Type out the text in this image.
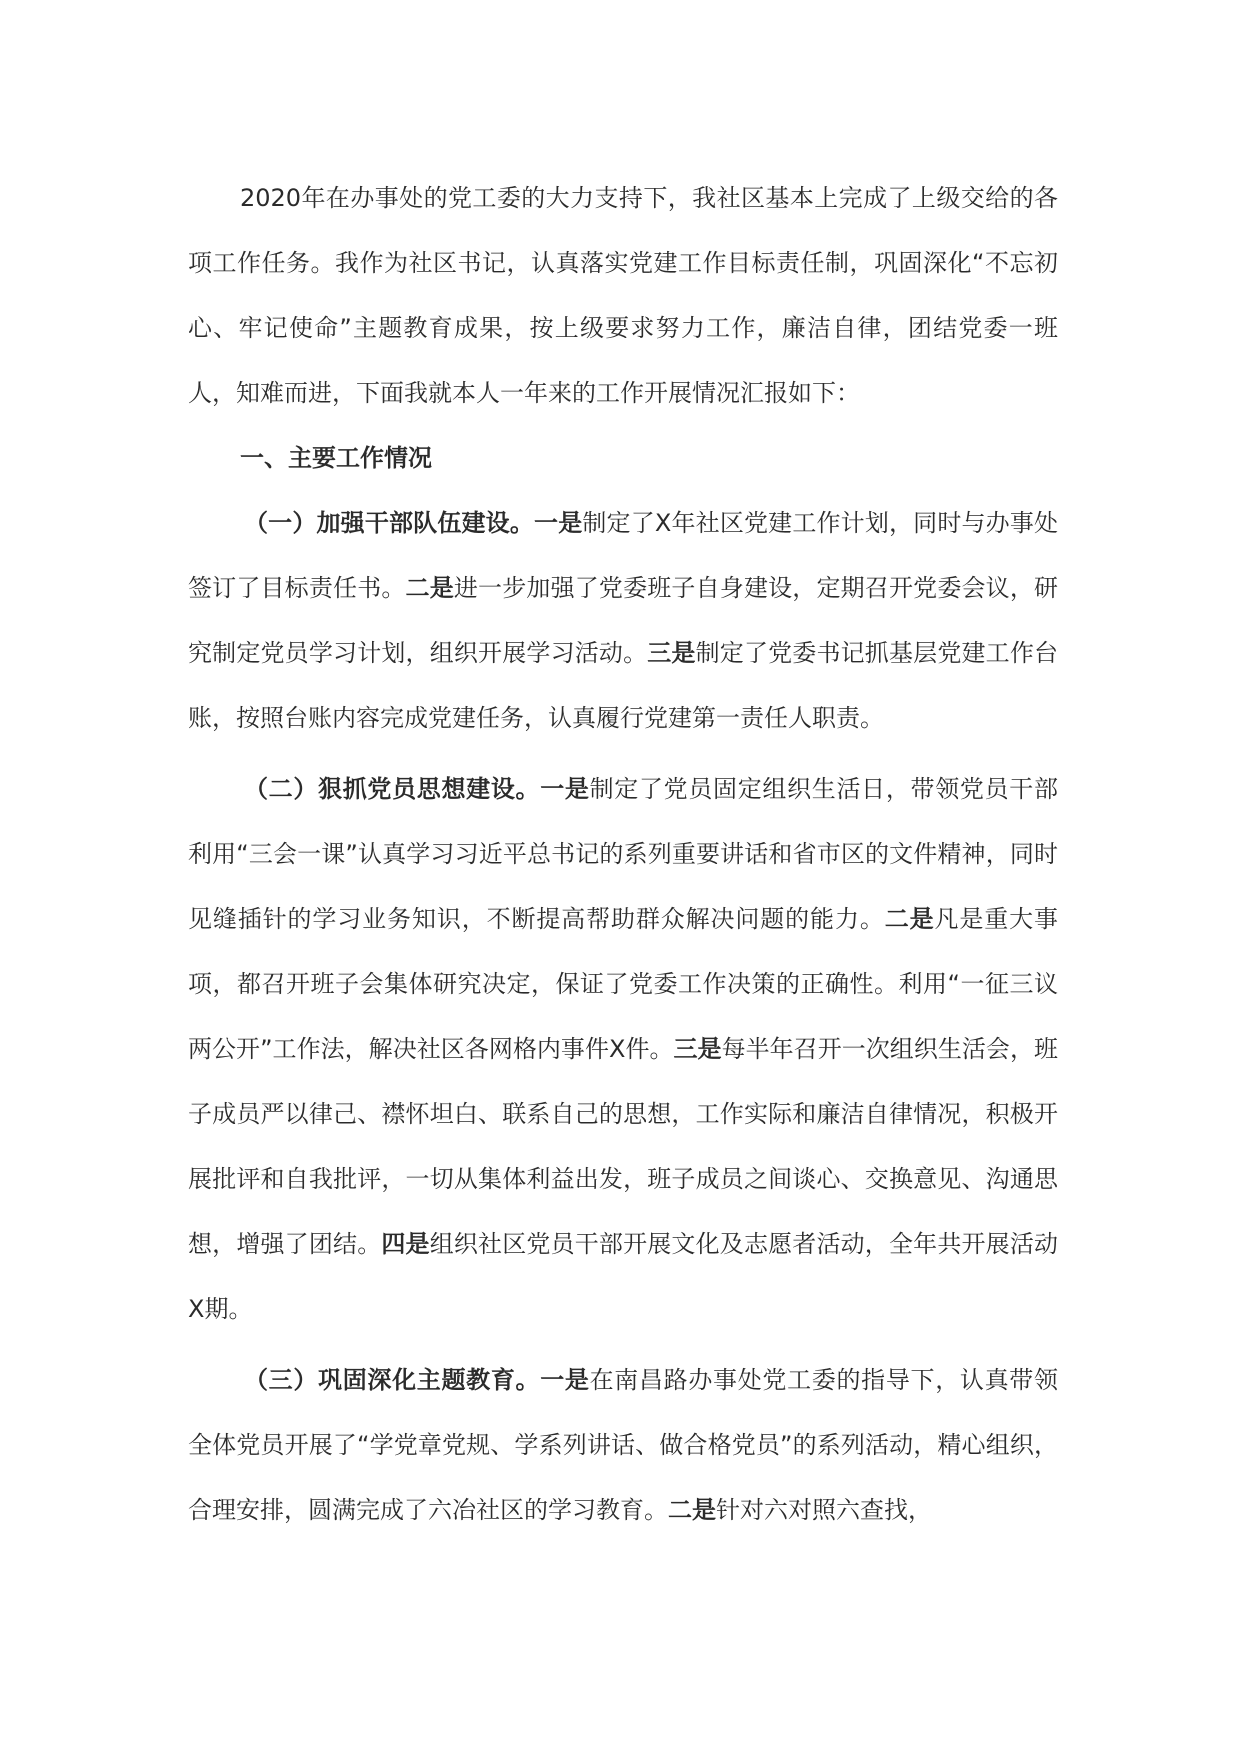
2020年在办事处的党工委的大力支持下，我社区基本上完成了上级交给的各项工作任务。我作为社区书记，认真落实党建工作目标责任制，巩固深化“不忘初心、牢记使命”主题教育成果，按上级要求努力工作，廉洁自律，团结党委一班人，知难而进，下面我就本人一年来的工作开展情况汇报如下：

一、主要工作情况

（一）加强干部队伍建设。一是制定了X年社区党建工作计划，同时与办事处签订了目标责任书。二是进一步加强了党委班子自身建设，定期召开党委会议，研究制定党员学习计划，组织开展学习活动。三是制定了党委书记抓基层党建工作台账，按照台账内容完成党建任务，认真履行党建第一责任人职责。

（二）狠抓党员思想建设。一是制定了党员固定组织生活日，带领党员干部利用“三会一课”认真学习习近平总书记的系列重要讲话和省市区的文件精神，同时见缝插针的学习业务知识，不断提高帮助群众解决问题的能力。二是凡是重大事项，都召开班子会集体研究决定，保证了党委工作决策的正确性。利用“一征三议两公开”工作法，解决社区各网格内事件X件。三是每半年召开一次组织生活会，班子成员严以律己、襟怀坦白、联系自己的思想，工作实际和廉洁自律情况，积极开展批评和自我批评，一切从集体利益出发，班子成员之间谈心、交换意见、沟通思想，增强了团结。四是组织社区党员干部开展文化及志愿者活动，全年共开展活动X期。

（三）巩固深化主题教育。一是在南昌路办事处党工委的指导下，认真带领全体党员开展了“学党章党规、学系列讲话、做合格党员”的系列活动，精心组织，合理安排，圆满完成了六冶社区的学习教育。二是针对六对照六查找，
